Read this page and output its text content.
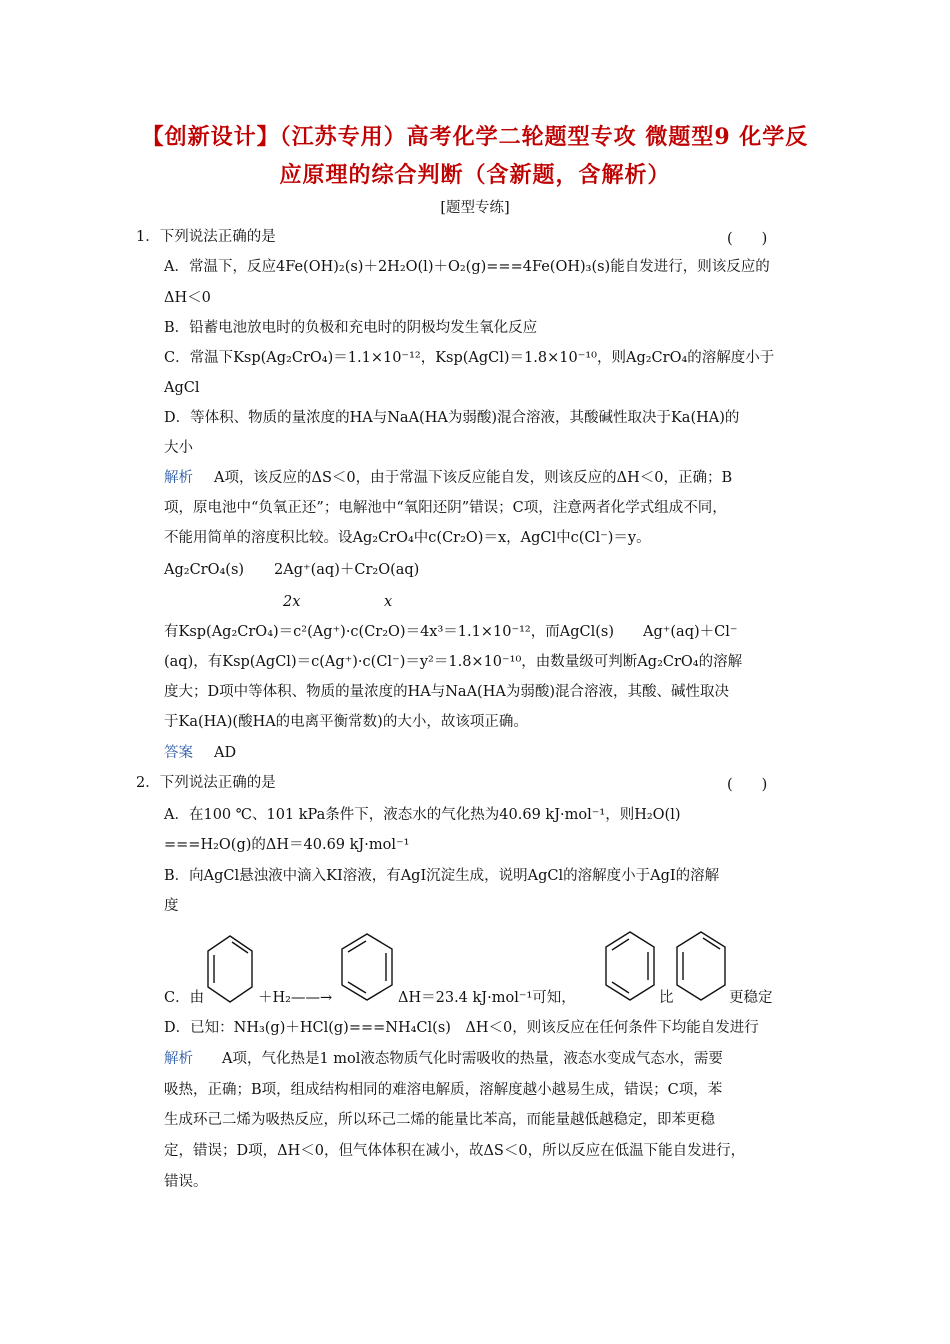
【创新设计】（江苏专用）高考化学二轮题型专攻 微题型9 化学反
应原理的综合判断（含新题，含解析）
[题型专练]
1．下列说法正确的是	(　　)
A．常温下，反应4Fe(OH)₂(s)＋2H₂O(l)＋O₂(g)===4Fe(OH)₃(s)能自发进行，则该反应的
ΔH＜0
B．铅蓄电池放电时的负极和充电时的阴极均发生氧化反应
C．常温下Ksp(Ag₂CrO₄)＝1.1×10⁻¹²，Ksp(AgCl)＝1.8×10⁻¹⁰，则Ag₂CrO₄的溶解度小于
AgCl
D．等体积、物质的量浓度的HA与NaA(HA为弱酸)混合溶液，其酸碱性取决于Ka(HA)的
大小
解析 A项，该反应的ΔS＜0，由于常温下该反应能自发，则该反应的ΔH＜0，正确；B
项，原电池中“负氧正还”；电解池中“氧阳还阴”错误；C项，注意两者化学式组成不同，
不能用简单的溶度积比较。设Ag₂CrO₄中c(Cr₂O)＝x，AgCl中c(Cl⁻)＝y。
Ag₂CrO₄(s) 2Ag⁺(aq)＋Cr₂O(aq)
2x	x
有Ksp(Ag₂CrO₄)＝c²(Ag⁺)·c(Cr₂O)＝4x³＝1.1×10⁻¹²，而AgCl(s)　　Ag⁺(aq)＋Cl⁻
(aq)，有Ksp(AgCl)＝c(Ag⁺)·c(Cl⁻)＝y²＝1.8×10⁻¹⁰，由数量级可判断Ag₂CrO₄的溶解
度大；D项中等体积、物质的量浓度的HA与NaA(HA为弱酸)混合溶液，其酸、碱性取决
于Ka(HA)(酸HA的电离平衡常数)的大小，故该项正确。
答案 AD
2．下列说法正确的是	(　　)
A．在100 ℃、101 kPa条件下，液态水的气化热为40.69 kJ·mol⁻¹，则H₂O(l)
===H₂O(g)的ΔH＝40.69 kJ·mol⁻¹
B．向AgCl悬浊液中滴入KI溶液，有AgI沉淀生成，说明AgCl的溶解度小于AgI的溶解
度
C．由	＋H₂——→	ΔH＝23.4 kJ·mol⁻¹可知，	比	更稳定
D．已知：NH₃(g)＋HCl(g)===NH₄Cl(s)　ΔH＜0，则该反应在任何条件下均能自发进行
解析 A项，气化热是1 mol液态物质气化时需吸收的热量，液态水变成气态水，需要
吸热，正确；B项，组成结构相同的难溶电解质，溶解度越小越易生成，错误；C项，苯
生成环己二烯为吸热反应，所以环己二烯的能量比苯高，而能量越低越稳定，即苯更稳
定，错误；D项，ΔH＜0，但气体体积在减小，故ΔS＜0，所以反应在低温下能自发进行，
错误。
